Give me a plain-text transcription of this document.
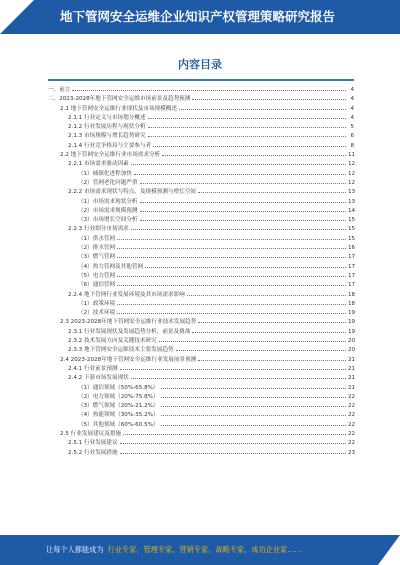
地下管网安全运维企业知识产权管理策略研究报告
内容目录
一、前言	4
二、2023-2028年地下管网安全运维市场前景及趋势预测	4
2.1 地下管网安全运维行业现状及市场规模概述	4
2.1.1 行业定义与市场划分概述	4
2.1.2 行业发展历程与现状分析	5
2.1.3 市场规模与增长趋势研究	6
2.1.4 行业竞争格局与主要参与者	8
2.2 地下管网安全运维行业市场需求分析	11
2.2.1 市场需求驱动因素	12
（1）城镇化进程加快	12
（2）管网老化问题严重	12
2.2.2 市场需求现状与特点，及规模预测与增长空间	13
（1）市场需求现状分析	13
（2）市场需求规模预测	14
（3）市场增长空间分析	15
2.2.3 行业细分市场需求	15
（1）供水管网	15
（2）排水管网	16
（3）燃气管网	17
（4）热力管网及其他管网	17
（5）电力管网	17
（6）通信管网	17
2.2.4 地下管网行业发展环境及其市场需求影响	18
（1）政策环境	18
（2）技术环境	19
2.3 2023-2028年地下管网安全运维行业技术发展趋势	19
2.3.1 行业发展现状及发展趋势分析，前景及挑战	19
2.3.2 技术发展方向及关键技术研究	20
2.3.3 地下管网安全运维技术主要发展趋势	20
2.4 2023-2028年地下管网安全运维行业发展前景预测	21
2.4.1 行业前景预测	21
2.4.2 下游市场发展现状	21
（1）通信领域（50%-65.8%）	21
（2）电力领域（20%-75.8%）	22
（3）燃气领域（20%-21.2%）	22
（4）热能领域（30%-35.2%）	22
（5）其他领域（60%-60.5%）	22
2.5 行业发展建议及措施	22
2.5.1 行业发展建议	22
2.5.2 行业发展措施	23
让每个人都能成为 行业专家、管理专家、营销专家、战略专家、成功企业家……
